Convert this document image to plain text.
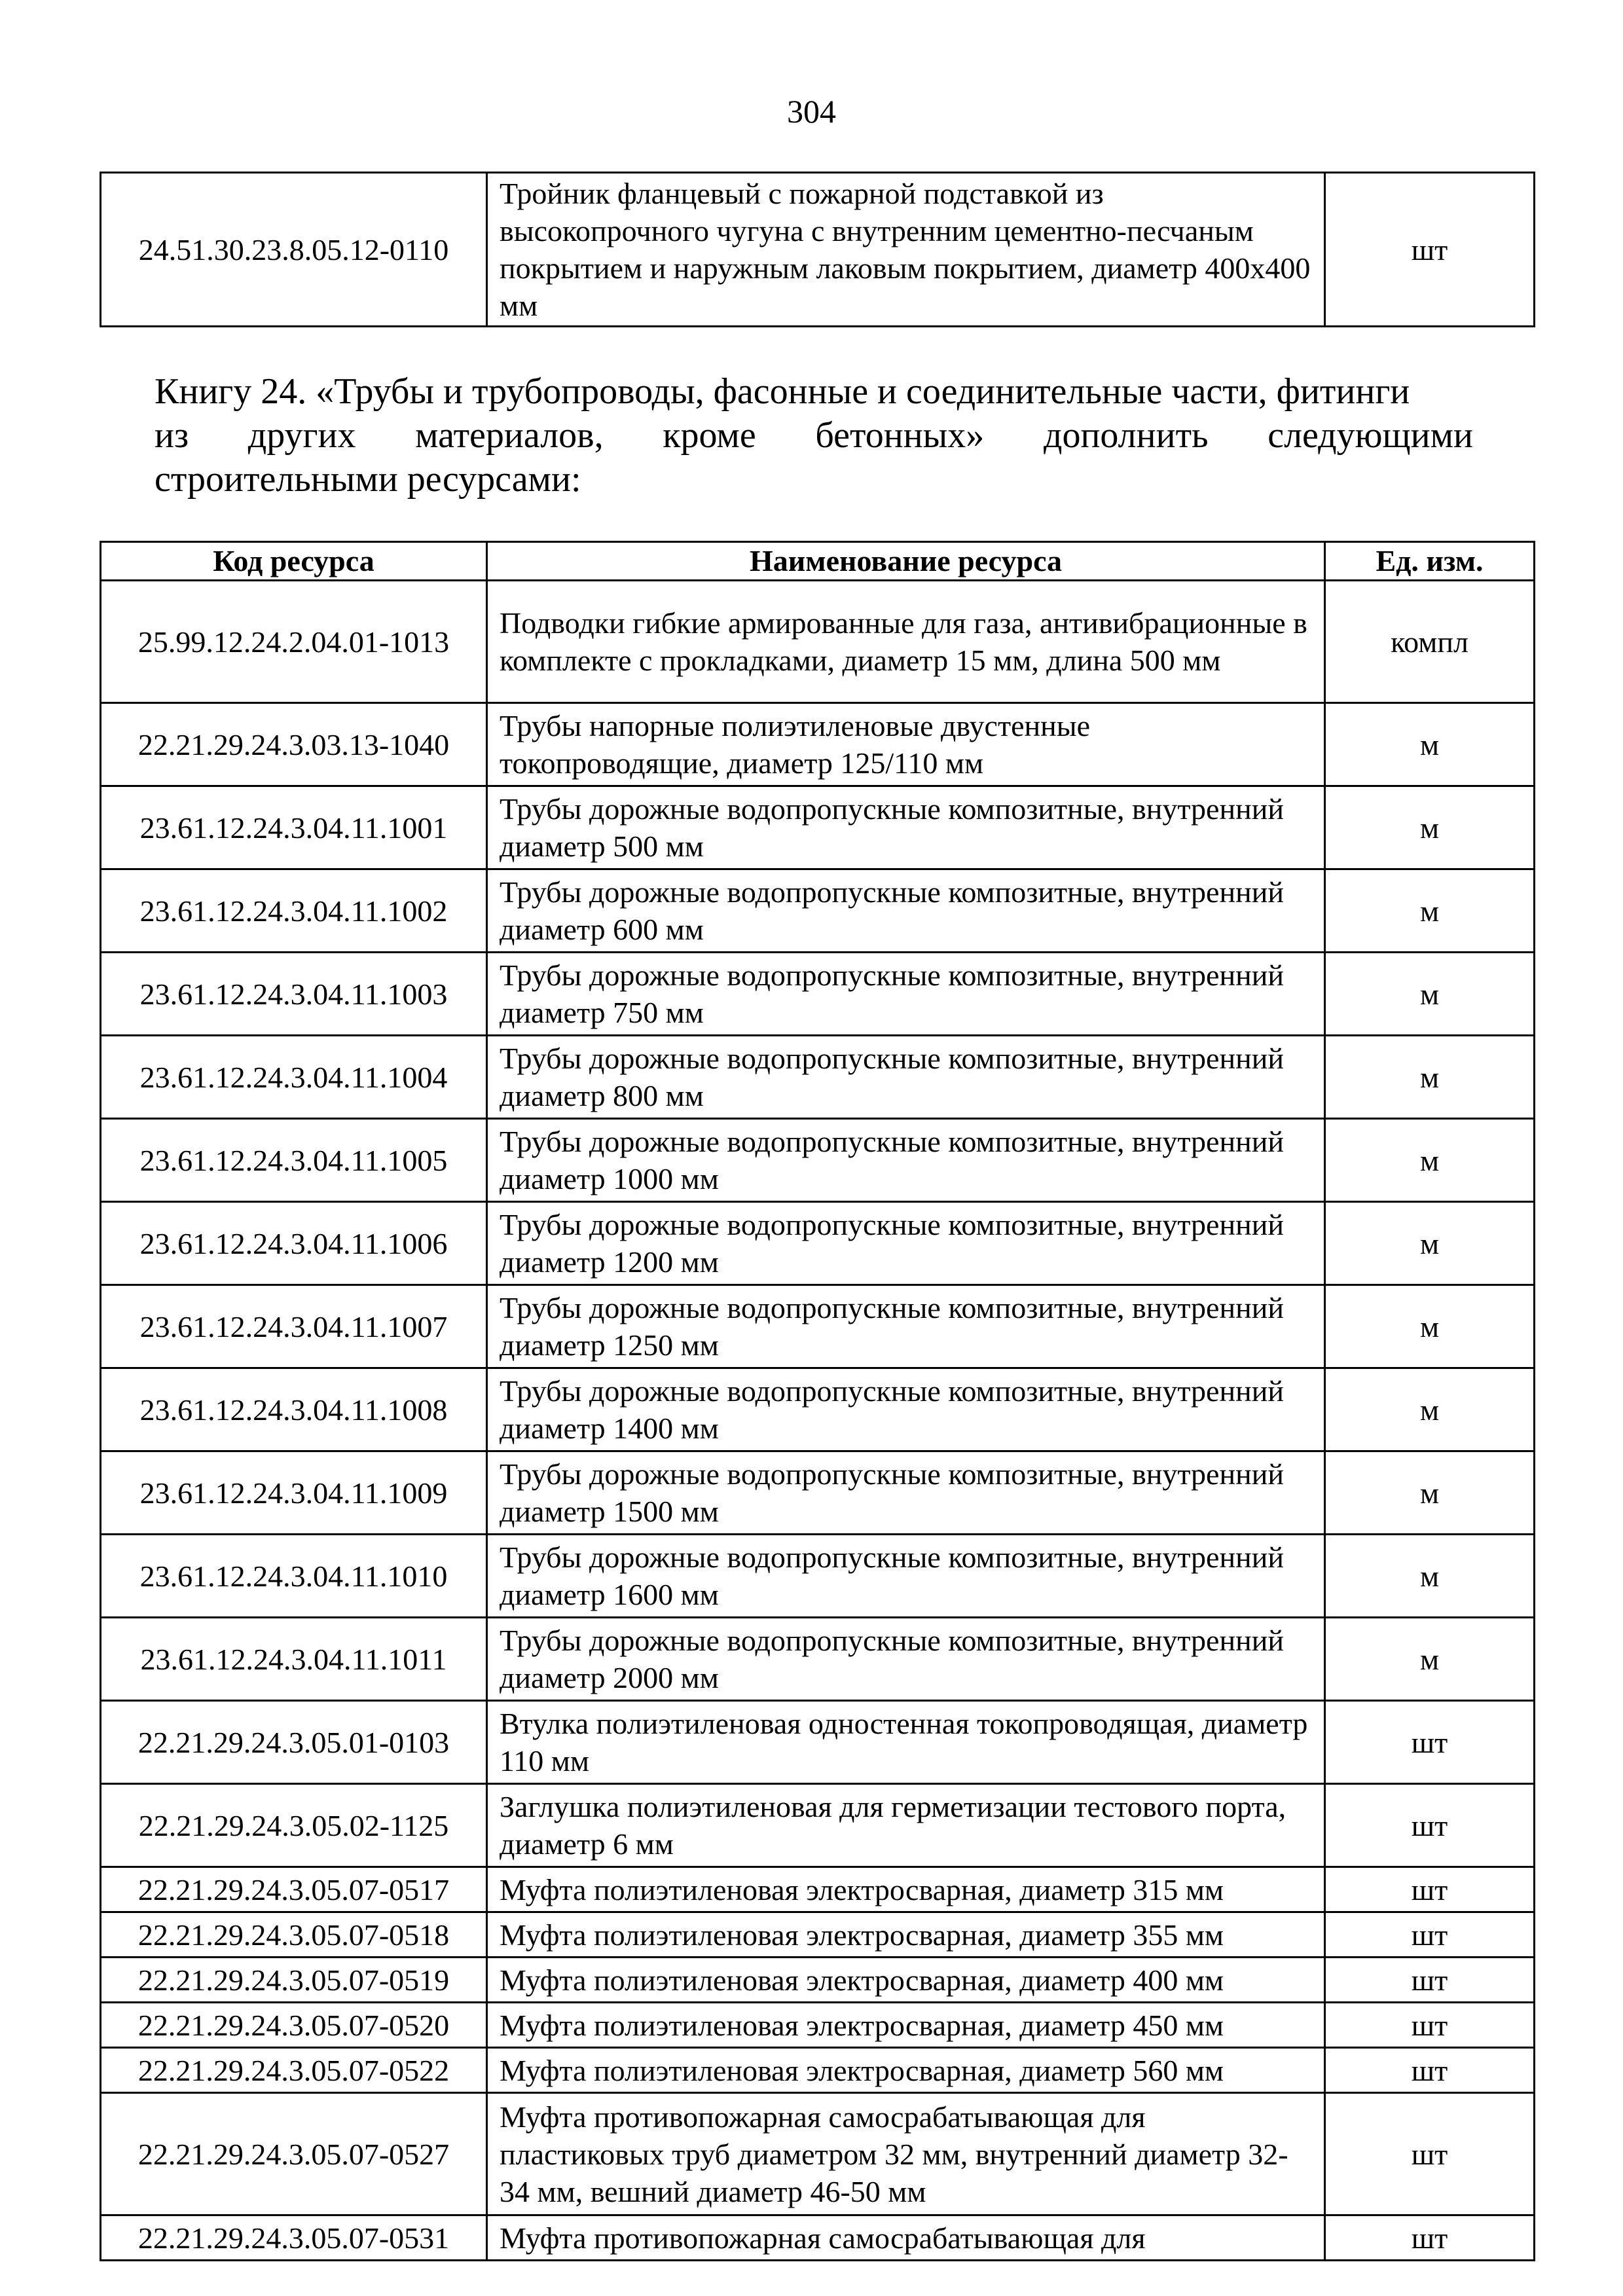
304
24.51.30.23.8.05.12-0110	Тройник фланцевый с пожарной подставкой из высокопрочного чугуна с внутренним цементно-песчаным покрытием и наружным лаковым покрытием, диаметр 400х400 мм	шт
Книгу 24. «Трубы и трубопроводы, фасонные и соединительные части, фитинги
из других материалов, кроме бетонных» дополнить следующими
строительными ресурсами:
Код ресурса	Наименование ресурса	Ед. изм.
25.99.12.24.2.04.01-1013	Подводки гибкие армированные для газа, антивибрационные в комплекте с прокладками, диаметр 15 мм, длина 500 мм	компл
22.21.29.24.3.03.13-1040	Трубы напорные полиэтиленовые двустенные токопроводящие, диаметр 125/110 мм	м
23.61.12.24.3.04.11.1001	Трубы дорожные водопропускные композитные, внутренний диаметр 500 мм	м
23.61.12.24.3.04.11.1002	Трубы дорожные водопропускные композитные, внутренний диаметр 600 мм	м
23.61.12.24.3.04.11.1003	Трубы дорожные водопропускные композитные, внутренний диаметр 750 мм	м
23.61.12.24.3.04.11.1004	Трубы дорожные водопропускные композитные, внутренний диаметр 800 мм	м
23.61.12.24.3.04.11.1005	Трубы дорожные водопропускные композитные, внутренний диаметр 1000 мм	м
23.61.12.24.3.04.11.1006	Трубы дорожные водопропускные композитные, внутренний диаметр 1200 мм	м
23.61.12.24.3.04.11.1007	Трубы дорожные водопропускные композитные, внутренний диаметр 1250 мм	м
23.61.12.24.3.04.11.1008	Трубы дорожные водопропускные композитные, внутренний диаметр 1400 мм	м
23.61.12.24.3.04.11.1009	Трубы дорожные водопропускные композитные, внутренний диаметр 1500 мм	м
23.61.12.24.3.04.11.1010	Трубы дорожные водопропускные композитные, внутренний диаметр 1600 мм	м
23.61.12.24.3.04.11.1011	Трубы дорожные водопропускные композитные, внутренний диаметр 2000 мм	м
22.21.29.24.3.05.01-0103	Втулка полиэтиленовая одностенная токопроводящая, диаметр 110 мм	шт
22.21.29.24.3.05.02-1125	Заглушка полиэтиленовая для герметизации тестового порта, диаметр 6 мм	шт
22.21.29.24.3.05.07-0517	Муфта полиэтиленовая электросварная, диаметр 315 мм	шт
22.21.29.24.3.05.07-0518	Муфта полиэтиленовая электросварная, диаметр 355 мм	шт
22.21.29.24.3.05.07-0519	Муфта полиэтиленовая электросварная, диаметр 400 мм	шт
22.21.29.24.3.05.07-0520	Муфта полиэтиленовая электросварная, диаметр 450 мм	шт
22.21.29.24.3.05.07-0522	Муфта полиэтиленовая электросварная, диаметр 560 мм	шт
22.21.29.24.3.05.07-0527	Муфта противопожарная самосрабатывающая для пластиковых труб диаметром 32 мм, внутренний диаметр 32-34 мм, вешний диаметр 46-50 мм	шт
22.21.29.24.3.05.07-0531	Муфта противопожарная самосрабатывающая для	шт
